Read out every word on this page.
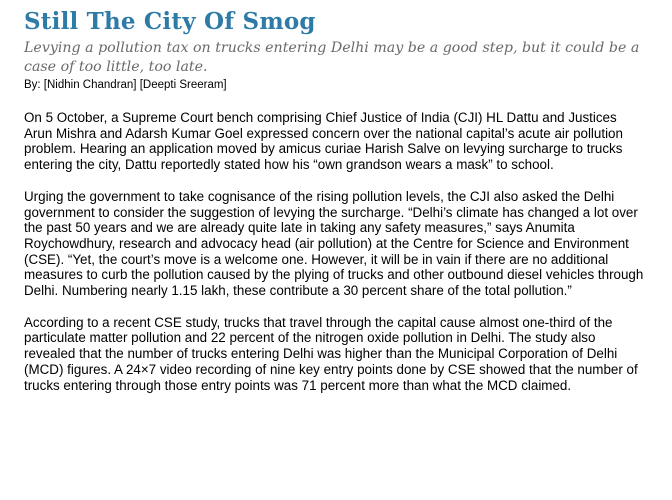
Still The City Of Smog

Levying a pollution tax on trucks entering Delhi may be a good step, but it could be a case of too little, too late.

By: [Nidhin Chandran] [Deepti Sreeram]

On 5 October, a Supreme Court bench comprising Chief Justice of India (CJI) HL Dattu and Justices Arun Mishra and Adarsh Kumar Goel expressed concern over the national capital’s acute air pollution problem. Hearing an application moved by amicus curiae Harish Salve on levying surcharge to trucks entering the city, Dattu reportedly stated how his “own grandson wears a mask” to school.

Urging the government to take cognisance of the rising pollution levels, the CJI also asked the Delhi government to consider the suggestion of levying the surcharge. “Delhi’s climate has changed a lot over the past 50 years and we are already quite late in taking any safety measures,” says Anumita Roychowdhury, research and advocacy head (air pollution) at the Centre for Science and Environment (CSE). “Yet, the court’s move is a welcome one. However, it will be in vain if there are no additional measures to curb the pollution caused by the plying of trucks and other outbound diesel vehicles through Delhi. Numbering nearly 1.15 lakh, these contribute a 30 percent share of the total pollution.”

According to a recent CSE study, trucks that travel through the capital cause almost one-third of the particulate matter pollution and 22 percent of the nitrogen oxide pollution in Delhi. The study also revealed that the number of trucks entering Delhi was higher than the Municipal Corporation of Delhi (MCD) figures. A 24×7 video recording of nine key entry points done by CSE showed that the number of trucks entering through those entry points was 71 percent more than what the MCD claimed.
